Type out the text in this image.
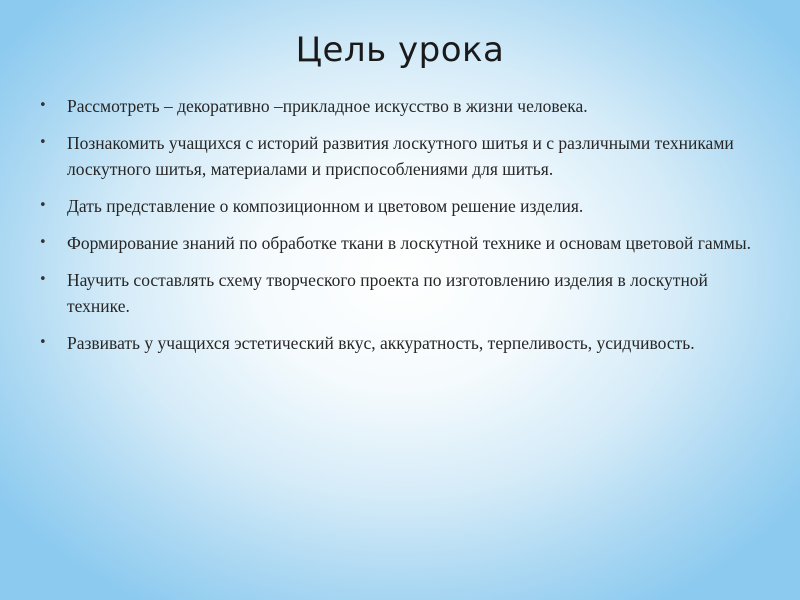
Цель урока
• Рассмотреть – декоративно –прикладное искусство в жизни человека.
• Познакомить учащихся с историй развития лоскутного шитья и с различными техниками лоскутного шитья, материалами и приспособлениями для шитья.
• Дать представление о композиционном и цветовом решение изделия.
• Формирование знаний по обработке ткани в лоскутной технике и основам цветовой гаммы.
• Научить составлять схему творческого проекта по изготовлению изделия в лоскутной технике.
• Развивать у учащихся эстетический вкус, аккуратность, терпеливость, усидчивость.
